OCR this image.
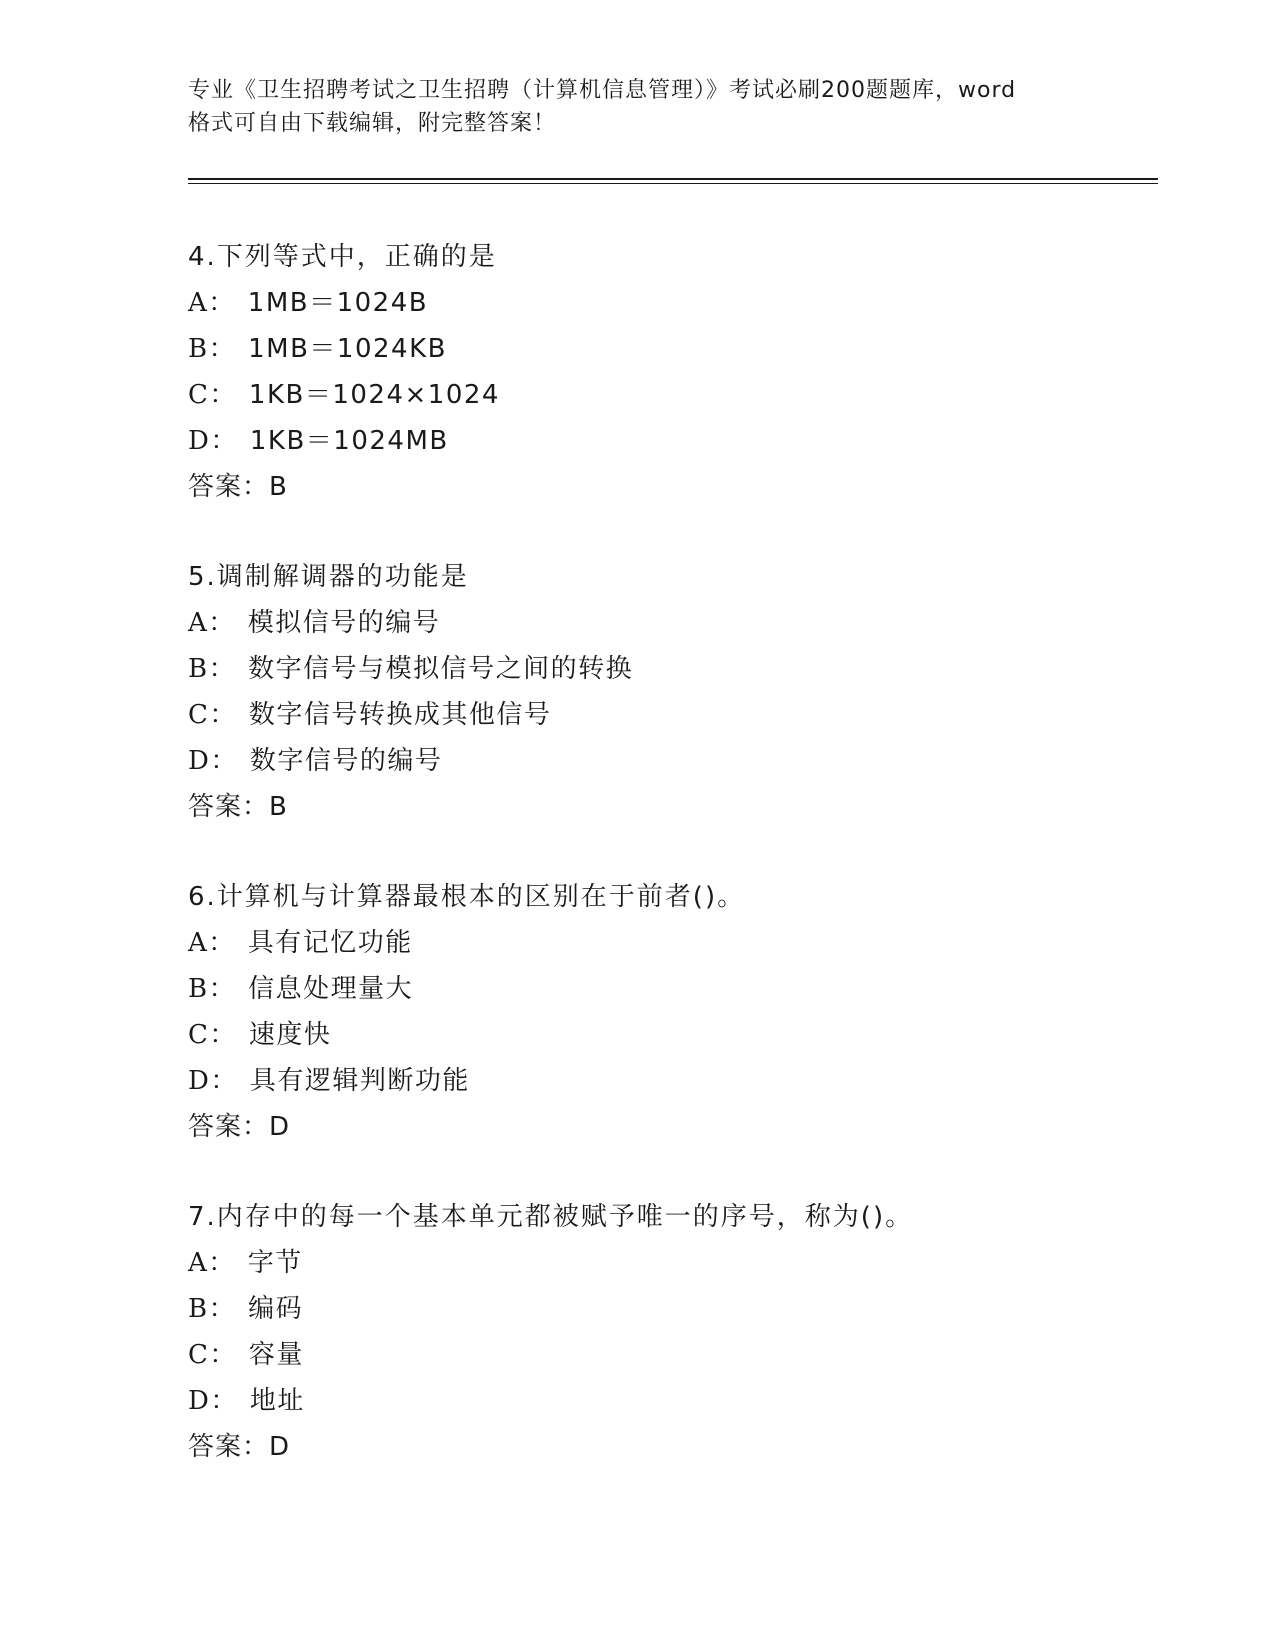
专业《卫生招聘考试之卫生招聘（计算机信息管理）》考试必刷200题题库，word
格式可自由下载编辑，附完整答案！
4.下列等式中，正确的是
A： 1MB＝1024B
B： 1MB＝1024KB
C： 1KB＝1024×1024
D： 1KB＝1024MB
答案：B
5.调制解调器的功能是
A： 模拟信号的编号
B： 数字信号与模拟信号之间的转换
C： 数字信号转换成其他信号
D： 数字信号的编号
答案：B
6.计算机与计算器最根本的区别在于前者()。
A： 具有记忆功能
B： 信息处理量大
C： 速度快
D： 具有逻辑判断功能
答案：D
7.内存中的每一个基本单元都被赋予唯一的序号，称为()。
A： 字节
B： 编码
C： 容量
D： 地址
答案：D
